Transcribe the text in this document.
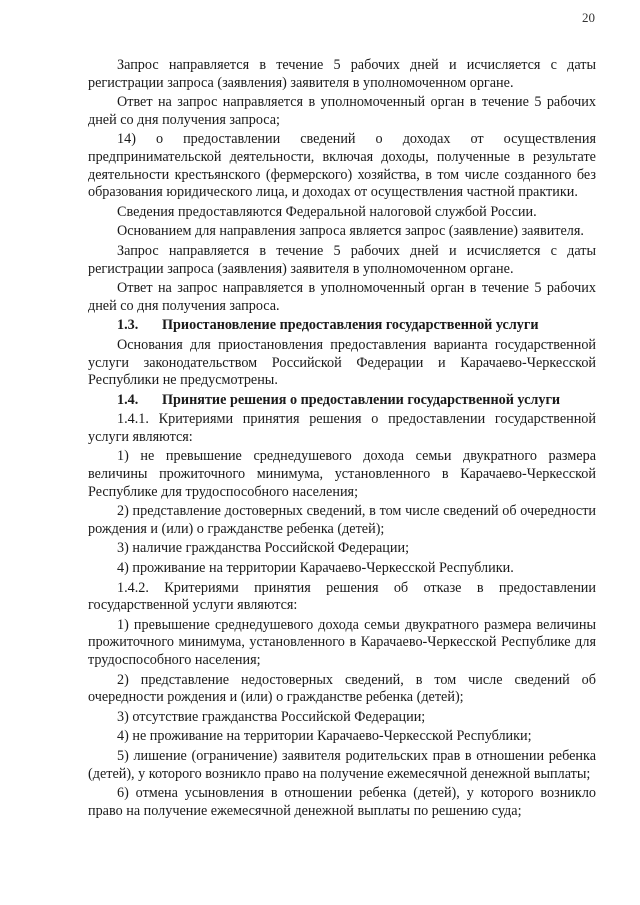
20

Запрос направляется в течение 5 рабочих дней и исчисляется с даты регистрации запроса (заявления) заявителя в уполномоченном органе.

Ответ на запрос направляется в уполномоченный орган в течение 5 рабочих дней со дня получения запроса;

14) о предоставлении сведений о доходах от осуществления предпринимательской деятельности, включая доходы, полученные в результате деятельности крестьянского (фермерского) хозяйства, в том числе созданного без образования юридического лица, и доходах от осуществления частной практики.

Сведения предоставляются Федеральной налоговой службой России.

Основанием для направления запроса является запрос (заявление) заявителя.

Запрос направляется в течение 5 рабочих дней и исчисляется с даты регистрации запроса (заявления) заявителя в уполномоченном органе.

Ответ на запрос направляется в уполномоченный орган в течение 5 рабочих дней со дня получения запроса.

1.3. Приостановление предоставления государственной услуги

Основания для приостановления предоставления варианта государственной услуги законодательством Российской Федерации и Карачаево-Черкесской Республики не предусмотрены.

1.4. Принятие решения о предоставлении государственной услуги

1.4.1. Критериями принятия решения о предоставлении государственной услуги являются:

1) не превышение среднедушевого дохода семьи двукратного размера величины прожиточного минимума, установленного в Карачаево-Черкесской Республике для трудоспособного населения;

2) представление достоверных сведений, в том числе сведений об очередности рождения и (или) о гражданстве ребенка (детей);

3) наличие гражданства Российской Федерации;

4) проживание на территории Карачаево-Черкесской Республики.

1.4.2. Критериями принятия решения об отказе в предоставлении государственной услуги являются:

1) превышение среднедушевого дохода семьи двукратного размера величины прожиточного минимума, установленного в Карачаево-Черкесской Республике для трудоспособного населения;

2) представление недостоверных сведений, в том числе сведений об очередности рождения и (или) о гражданстве ребенка (детей);

3) отсутствие гражданства Российской Федерации;

4) не проживание на территории Карачаево-Черкесской Республики;

5) лишение (ограничение) заявителя родительских прав в отношении ребенка (детей), у которого возникло право на получение ежемесячной денежной выплаты;

6) отмена усыновления в отношении ребенка (детей), у которого возникло право на получение ежемесячной денежной выплаты по решению суда;
